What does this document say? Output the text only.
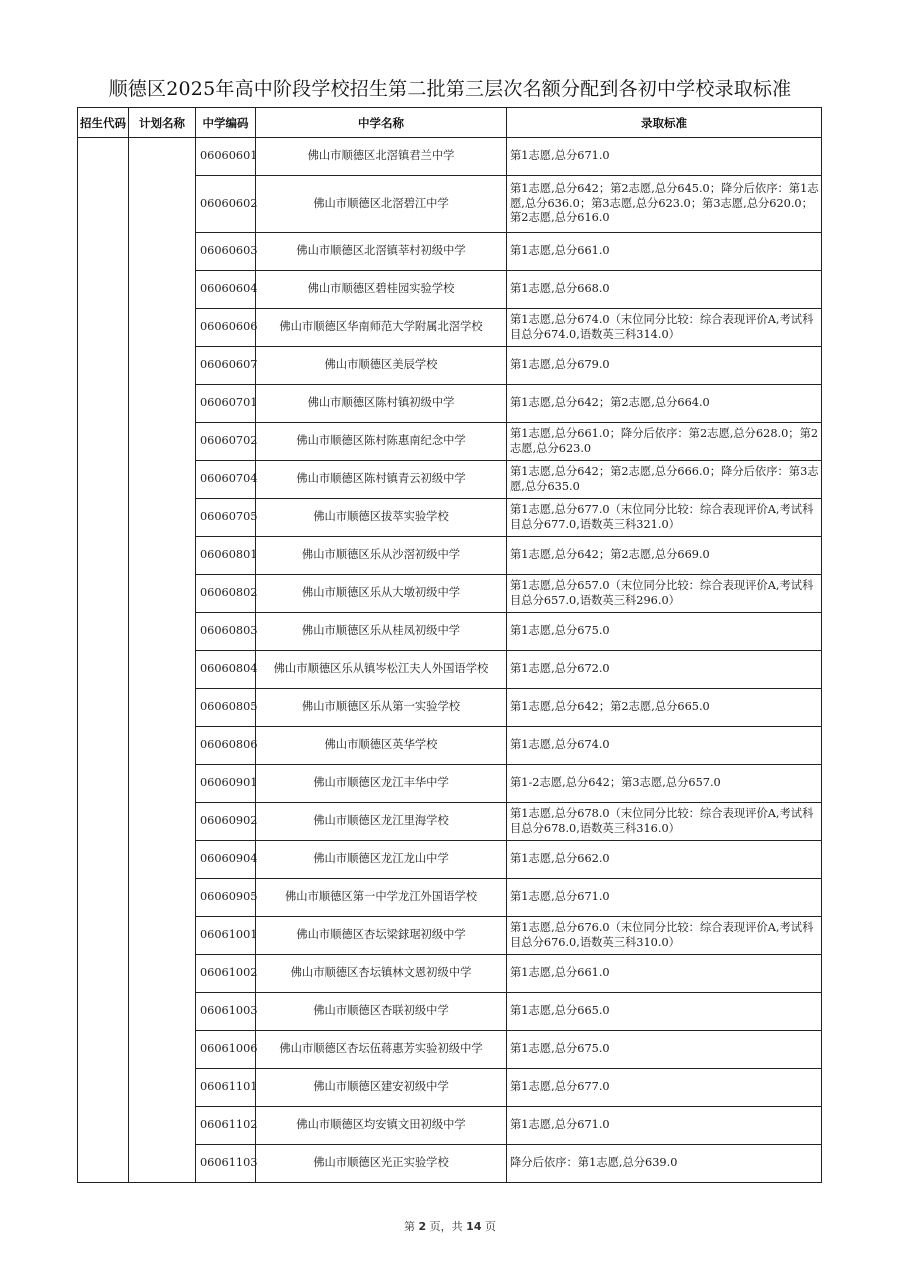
顺德区2025年高中阶段学校招生第二批第三层次名额分配到各初中学校录取标准
招生代码	计划名称	中学编码	中学名称	录取标准
		06060601	佛山市顺德区北滘镇君兰中学	第1志愿,总分671.0
		06060602	佛山市顺德区北滘碧江中学	第1志愿,总分642；第2志愿,总分645.0；降分后依序：第1志愿,总分636.0；第3志愿,总分623.0；第3志愿,总分620.0；第2志愿,总分616.0
		06060603	佛山市顺德区北滘镇莘村初级中学	第1志愿,总分661.0
		06060604	佛山市顺德区碧桂园实验学校	第1志愿,总分668.0
		06060606	佛山市顺德区华南师范大学附属北滘学校	第1志愿,总分674.0（末位同分比较：综合表现评价A,考试科目总分674.0,语数英三科314.0）
		06060607	佛山市顺德区美辰学校	第1志愿,总分679.0
		06060701	佛山市顺德区陈村镇初级中学	第1志愿,总分642；第2志愿,总分664.0
		06060702	佛山市顺德区陈村陈惠南纪念中学	第1志愿,总分661.0；降分后依序：第2志愿,总分628.0；第2志愿,总分623.0
		06060704	佛山市顺德区陈村镇青云初级中学	第1志愿,总分642；第2志愿,总分666.0；降分后依序：第3志愿,总分635.0
		06060705	佛山市顺德区拔萃实验学校	第1志愿,总分677.0（末位同分比较：综合表现评价A,考试科目总分677.0,语数英三科321.0）
		06060801	佛山市顺德区乐从沙滘初级中学	第1志愿,总分642；第2志愿,总分669.0
		06060802	佛山市顺德区乐从大墩初级中学	第1志愿,总分657.0（末位同分比较：综合表现评价A,考试科目总分657.0,语数英三科296.0）
		06060803	佛山市顺德区乐从桂凤初级中学	第1志愿,总分675.0
		06060804	佛山市顺德区乐从镇岑松江夫人外国语学校	第1志愿,总分672.0
		06060805	佛山市顺德区乐从第一实验学校	第1志愿,总分642；第2志愿,总分665.0
		06060806	佛山市顺德区英华学校	第1志愿,总分674.0
		06060901	佛山市顺德区龙江丰华中学	第1-2志愿,总分642；第3志愿,总分657.0
		06060902	佛山市顺德区龙江里海学校	第1志愿,总分678.0（末位同分比较：综合表现评价A,考试科目总分678.0,语数英三科316.0）
		06060904	佛山市顺德区龙江龙山中学	第1志愿,总分662.0
		06060905	佛山市顺德区第一中学龙江外国语学校	第1志愿,总分671.0
		06061001	佛山市顺德区杏坛梁銶琚初级中学	第1志愿,总分676.0（末位同分比较：综合表现评价A,考试科目总分676.0,语数英三科310.0）
		06061002	佛山市顺德区杏坛镇林文恩初级中学	第1志愿,总分661.0
		06061003	佛山市顺德区杏联初级中学	第1志愿,总分665.0
		06061006	佛山市顺德区杏坛伍蒋惠芳实验初级中学	第1志愿,总分675.0
		06061101	佛山市顺德区建安初级中学	第1志愿,总分677.0
		06061102	佛山市顺德区均安镇文田初级中学	第1志愿,总分671.0
		06061103	佛山市顺德区光正实验学校	降分后依序：第1志愿,总分639.0
第 2 页，共 14 页
